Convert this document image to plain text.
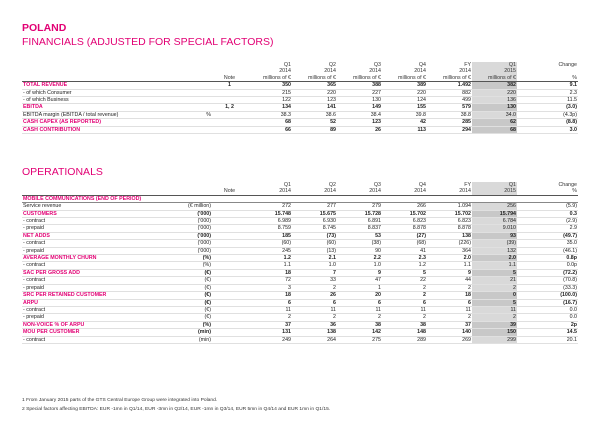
POLAND
FINANCIALS (ADJUSTED FOR SPECIAL FACTORS)
			Q1	Q2	Q3	Q4	FY	Q1	Change
			2014	2014	2014	2014	2014	2015	
		Note	millions of €	millions of €	millions of €	millions of €	millions of €	millions of €	%
TOTAL REVENUE		1	350	365	388	389	1.492	382	9.1
- of which Consumer			215	220	227	220	882	220	2.3
- of which Business			122	123	130	124	499	136	11.5
EBITDA		1, 2	134	141	149	155	579	130	(3.0)
EBITDA margin (EBITDA / total revenue)	%		38.3	38.6	38.4	39.8	38.8	34.0	(4.3p)
CASH CAPEX (AS REPORTED)			68	52	123	42	285	62	(8.8)
CASH CONTRIBUTION			66	89	26	113	294	68	3.0
OPERATIONALS
			Q1	Q2	Q3	Q4	FY	Q1	Change
		Note	2014	2014	2014	2014	2014	2015	%
MOBILE COMMUNICATIONS (END OF PERIOD)									
Service revenue	(€ million)		272	277	279	266	1.094	256	(5.9)
CUSTOMERS	('000)		15.748	15.675	15.728	15.702	15.702	15.794	0.3
- contract	('000)		6.989	6.930	6.891	6.823	6.823	6.784	(2.9)
- prepaid	('000)		8.759	8.745	8.837	8.878	8.878	9.010	2.9
NET ADDS	('000)		185	(73)	53	(27)	138	93	(49.7)
- contract	('000)		(60)	(60)	(38)	(68)	(226)	(39)	35.0
- prepaid	('000)		245	(13)	90	41	364	132	(46.1)
AVERAGE MONTHLY CHURN	(%)		1.2	2.1	2.2	2.3	2.0	2.0	0.8p
- contract	(%)		1.1	1.0	1.0	1.2	1.1	1.1	0.0p
SAC PER GROSS ADD	(€)		18	7	9	5	9	5	(72.2)
- contract	(€)		72	33	47	22	44	21	(70.8)
- prepaid	(€)		3	2	1	2	2	2	(33.3)
SRC PER RETAINED CUSTOMER	(€)		18	26	20	2	18	0	(100.0)
ARPU	(€)		6	6	6	6	6	5	(16.7)
- contract	(€)		11	11	11	11	11	11	0.0
- prepaid	(€)		2	2	2	2	2	2	0.0
NON-VOICE % OF ARPU	(%)		37	36	38	38	37	39	2p
MOU PER CUSTOMER	(min)		131	138	142	148	140	150	14.5
- contract	(min)		249	264	275	289	269	299	20.1
1 From January 2015 parts of the GTS Central Europe Group were integrated into Poland.
2 Special factors affecting EBITDA: EUR -1mn in Q1/14, EUR -3mn in Q2/14, EUR -1mn in Q3/14, EUR 5mn in Q4/14 and EUR 1mn in Q1/15.
